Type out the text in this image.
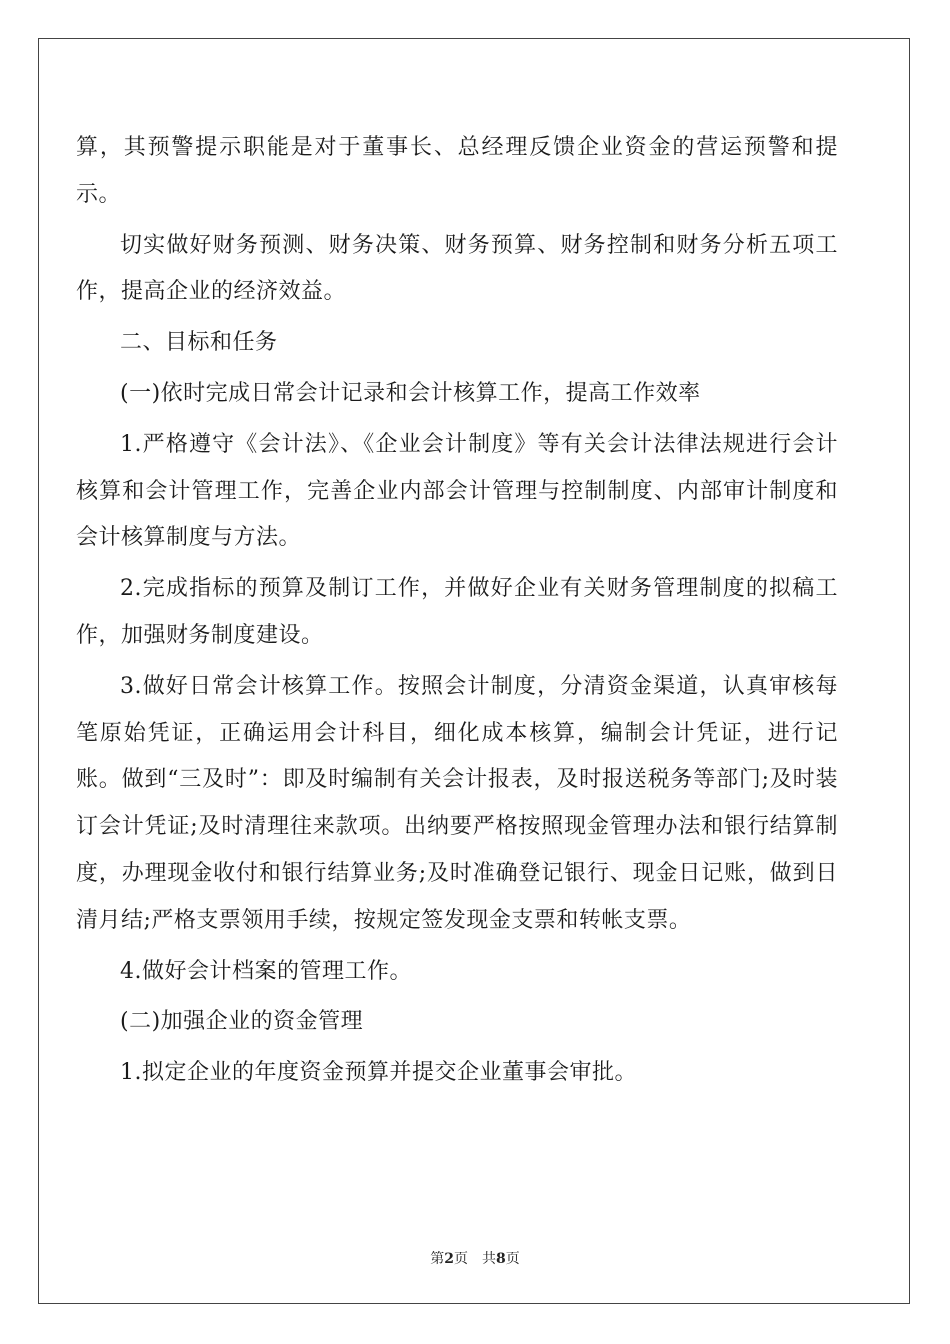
算，其预警提示职能是对于董事长、总经理反馈企业资金的营运预警和提示。

切实做好财务预测、财务决策、财务预算、财务控制和财务分析五项工作，提高企业的经济效益。

二、目标和任务

(一)依时完成日常会计记录和会计核算工作，提高工作效率

1.严格遵守《会计法》、《企业会计制度》等有关会计法律法规进行会计核算和会计管理工作，完善企业内部会计管理与控制制度、内部审计制度和会计核算制度与方法。

2.完成指标的预算及制订工作，并做好企业有关财务管理制度的拟稿工作，加强财务制度建设。

3.做好日常会计核算工作。按照会计制度，分清资金渠道，认真审核每笔原始凭证，正确运用会计科目，细化成本核算，编制会计凭证，进行记账。做到“三及时”：即及时编制有关会计报表，及时报送税务等部门;及时装订会计凭证;及时清理往来款项。出纳要严格按照现金管理办法和银行结算制度，办理现金收付和银行结算业务;及时准确登记银行、现金日记账，做到日清月结;严格支票领用手续，按规定签发现金支票和转帐支票。

4.做好会计档案的管理工作。

(二)加强企业的资金管理

1.拟定企业的年度资金预算并提交企业董事会审批。

第2页　共8页
